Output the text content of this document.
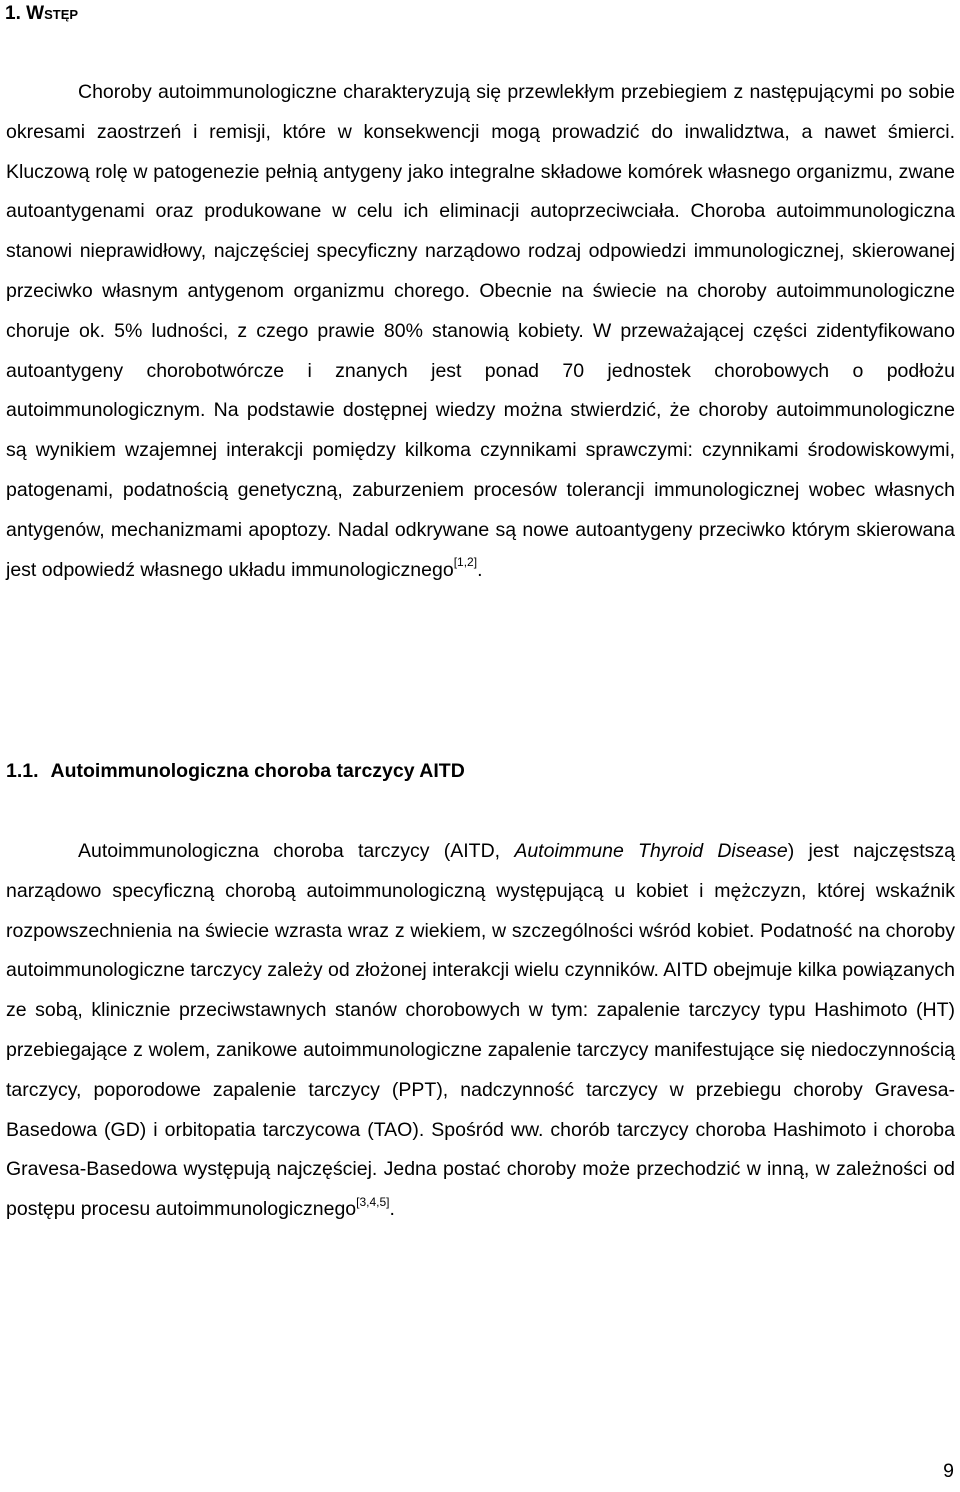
1. Wstęp

Choroby autoimmunologiczne charakteryzują się przewlekłym przebiegiem z następującymi po sobie okresami zaostrzeń i remisji, które w konsekwencji mogą prowadzić do inwalidztwa, a nawet śmierci. Kluczową rolę w patogenezie pełnią antygeny jako integralne składowe komórek własnego organizmu, zwane autoantygenami oraz produkowane w celu ich eliminacji autoprzeciwciała. Choroba autoimmunologiczna stanowi nieprawidłowy, najczęściej specyficzny narządowo rodzaj odpowiedzi immunologicznej, skierowanej przeciwko własnym antygenom organizmu chorego. Obecnie na świecie na choroby autoimmunologiczne choruje ok. 5% ludności, z czego prawie 80% stanowią kobiety. W przeważającej części zidentyfikowano autoantygeny chorobotwórcze i znanych jest ponad 70 jednostek chorobowych o podłożu autoimmunologicznym. Na podstawie dostępnej wiedzy można stwierdzić, że choroby autoimmunologiczne są wynikiem wzajemnej interakcji pomiędzy kilkoma czynnikami sprawczymi: czynnikami środowiskowymi, patogenami, podatnością genetyczną, zaburzeniem procesów tolerancji immunologicznej wobec własnych antygenów, mechanizmami apoptozy. Nadal odkrywane są nowe autoantygeny przeciwko którym skierowana jest odpowiedź własnego układu immunologicznego[1,2].

1.1. Autoimmunologiczna choroba tarczycy AITD

Autoimmunologiczna choroba tarczycy (AITD, Autoimmune Thyroid Disease) jest najczęstszą narządowo specyficzną chorobą autoimmunologiczną występującą u kobiet i mężczyzn, której wskaźnik rozpowszechnienia na świecie wzrasta wraz z wiekiem, w szczególności wśród kobiet. Podatność na choroby autoimmunologiczne tarczycy zależy od złożonej interakcji wielu czynników. AITD obejmuje kilka powiązanych ze sobą, klinicznie przeciwstawnych stanów chorobowych w tym: zapalenie tarczycy typu Hashimoto (HT) przebiegające z wolem, zanikowe autoimmunologiczne zapalenie tarczycy manifestujące się niedoczynnością tarczycy, poporodowe zapalenie tarczycy (PPT), nadczynność tarczycy w przebiegu choroby Gravesa-Basedowa (GD) i orbitopatia tarczycowa (TAO). Spośród ww. chorób tarczycy choroba Hashimoto i choroba Gravesa-Basedowa występują najczęściej. Jedna postać choroby może przechodzić w inną, w zależności od postępu procesu autoimmunologicznego[3,4,5].

9
